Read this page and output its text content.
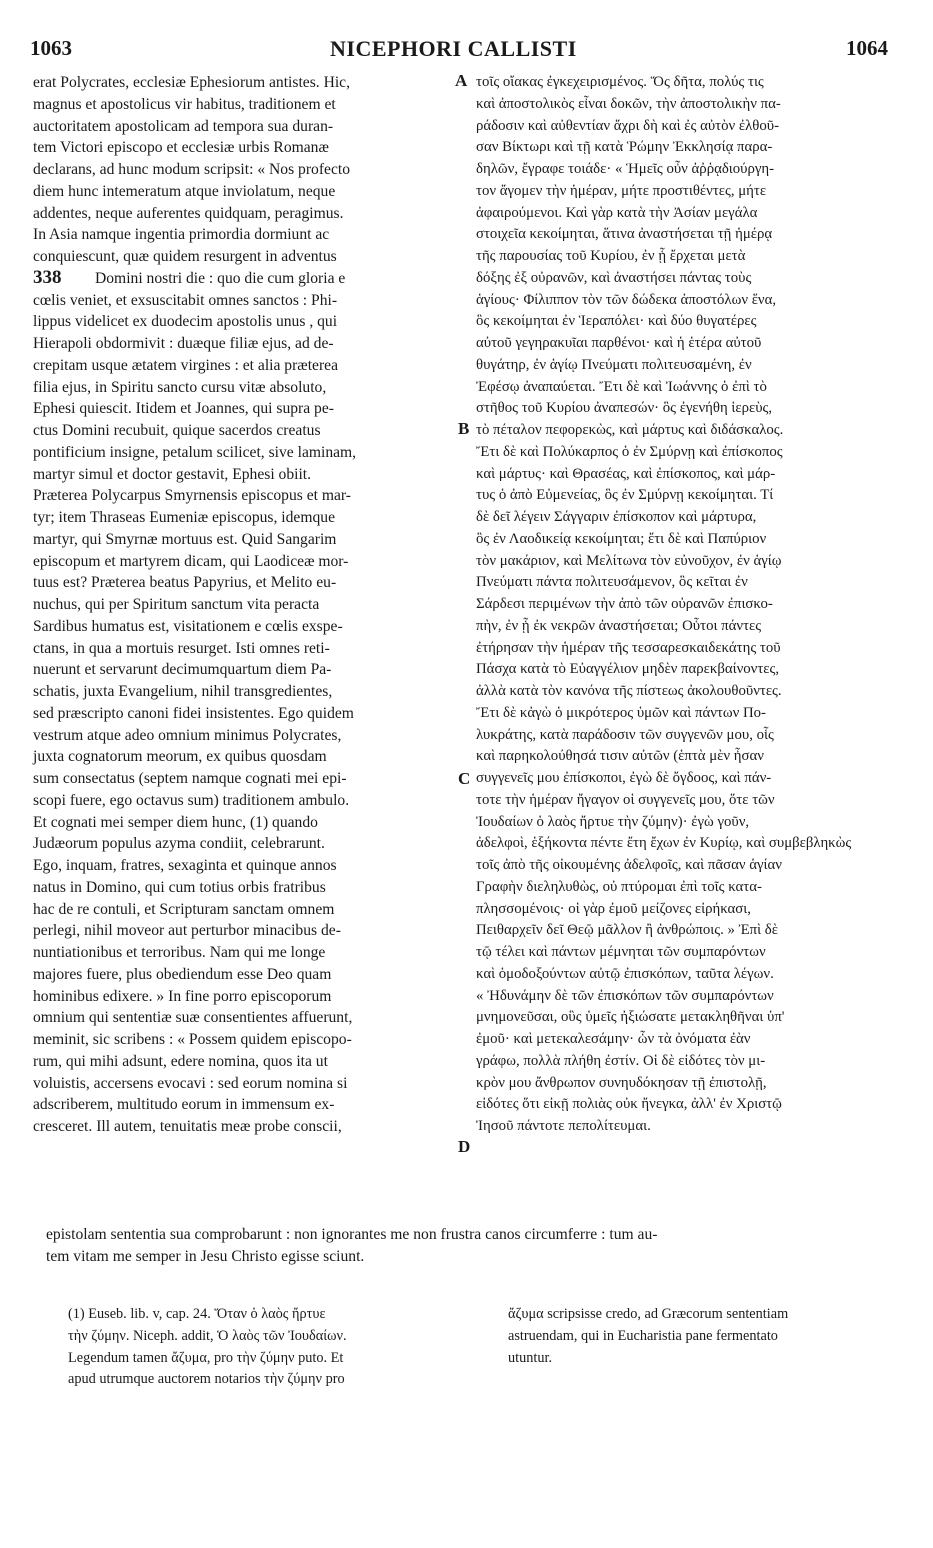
1063	NICEPHORI CALLISTI	1064
erat Polycrates, ecclesiæ Ephesiorum antistes. Hic,
magnus et apostolicus vir habitus, traditionem et
auctoritatem apostolicam ad tempora sua duran-
tem Victori episcopo et ecclesiæ urbis Romanæ
declarans, ad hunc modum scripsit: « Nos profecto
diem hunc intemeratum atque inviolatum, neque
addentes, neque auferentes quidquam, peragimus.
In Asia namque ingentia primordia dormiunt ac
conquiescunt, quæ quidem resurgent in adventus
338	Domini nostri die : quo die cum gloria e
cœlis veniet, et exsuscitabit omnes sanctos : Phi-
lippus videlicet ex duodecim apostolis unus , qui
Hierapoli obdormivit : duæque filiæ ejus, ad de-
crepitam usque ætatem virgines : et alia præterea
filia ejus, in Spiritu sancto cursu vitæ absoluto,
Ephesi quiescit. Itidem et Joannes, qui supra pe-
ctus Domini recubuit, quique sacerdos creatus
pontificium insigne, petalum scilicet, sive laminam,
martyr simul et doctor gestavit, Ephesi obiit.
Præterea Polycarpus Smyrnensis episcopus et mar-
tyr; item Thraseas Eumeniæ episcopus, idemque
martyr, qui Smyrnæ mortuus est. Quid Sangarim
episcopum et martyrem dicam, qui Laodiceæ mor-
tuus est? Præterea beatus Papyrius, et Melito eu-
nuchus, qui per Spiritum sanctum vita peracta
Sardibus humatus est, visitationem e cœlis exspe-
ctans, in qua a mortuis resurget. Isti omnes reti-
nuerunt et servarunt decimumquartum diem Pa-
schatis, juxta Evangelium, nihil transgredientes,
sed præscripto canoni fidei insistentes. Ego quidem
vestrum atque adeo omnium minimus Polycrates,
juxta cognatorum meorum, ex quibus quosdam
sum consectatus (septem namque cognati mei epi-
scopi fuere, ego octavus sum) traditionem ambulo.
Et cognati mei semper diem hunc, (1) quando
Judæorum populus azyma condiit, celebrarunt.
Ego, inquam, fratres, sexaginta et quinque annos
natus in Domino, qui cum totius orbis fratribus
hac de re contuli, et Scripturam sanctam omnem
perlegi, nihil moveor aut perturbor minacibus de-
nuntiationibus et terroribus. Nam qui me longe
majores fuere, plus obediendum esse Deo quam
hominibus edixere. » In fine porro episcoporum
omnium qui sententiæ suæ consentientes affuerunt,
meminit, sic scribens : « Possem quidem episcopo-
rum, qui mihi adsunt, edere nomina, quos ita ut
voluistis, accersens evocavi : sed eorum nomina si
adscriberem, multitudo eorum in immensum ex-
cresceret. Ill autem, tenuitatis meæ probe conscii,
τοῖς οἴακας ἐγκεχειρισμένος. Ὅς δῆτα, πολύς τις
καὶ ἀποστολικὸς εἶναι δοκῶν, τὴν ἀποστολικὴν πα-
ράδοσιν καὶ αὐθεντίαν ἄχρι δὴ καὶ ἐς αὐτὸν ἐλθοῦ-
σαν Βίκτωρι καὶ τῇ κατὰ Ῥώμην Ἐκκλησίᾳ παρα-
δηλῶν, ἔγραφε τοιάδε· « Ἡμεῖς οὖν ἀῤῥᾳδιούργη-
τον ἄγομεν τὴν ἡμέραν, μήτε προστιθέντες, μήτε
ἀφαιρούμενοι. Καὶ γὰρ κατὰ τὴν Ἀσίαν μεγάλα
στοιχεῖα κεκοίμηται, ἅτινα ἀναστήσεται τῇ ἡμέρᾳ
τῆς παρουσίας τοῦ Κυρίου, ἐν ᾗ ἔρχεται μετὰ
δόξης ἐξ οὐρανῶν, καὶ ἀναστήσει πάντας τοὺς
ἁγίους· Φίλιππον τὸν τῶν δώδεκα ἀποστόλων ἕνα,
ὃς κεκοίμηται ἐν Ἱεραπόλει· καὶ δύο θυγατέρες
αὐτοῦ γεγηρακυῖαι παρθένοι· καὶ ἡ ἑτέρα αὐτοῦ
θυγάτηρ, ἐν ἁγίῳ Πνεύματι πολιτευσαμένη, ἐν
Ἐφέσῳ ἀναπαύεται. Ἔτι δὲ καὶ Ἰωάννης ὁ ἐπὶ τὸ
στῆθος τοῦ Κυρίου ἀναπεσών· ὃς ἐγενήθη ἱερεὺς,
τὸ πέταλον πεφορεκὼς, καὶ μάρτυς καὶ διδάσκαλος.
Ἔτι δὲ καὶ Πολύκαρπος ὁ ἐν Σμύρνῃ καὶ ἐπίσκοπος
καὶ μάρτυς· καὶ Θρασέας, καὶ ἐπίσκοπος, καὶ μάρ-
τυς ὁ ἀπὸ Εὐμενείας, ὃς ἐν Σμύρνῃ κεκοίμηται. Τί
δὲ δεῖ λέγειν Σάγγαριν ἐπίσκοπον καὶ μάρτυρα,
ὃς ἐν Λαοδικείᾳ κεκοίμηται; ἔτι δὲ καὶ Παπύριον
τὸν μακάριον, καὶ Μελίτωνα τὸν εὐνοῦχον, ἐν ἁγίῳ
Πνεύματι πάντα πολιτευσάμενον, ὃς κεῖται ἐν
Σάρδεσι περιμένων τὴν ἀπὸ τῶν οὐρανῶν ἐπισκο-
πὴν, ἐν ᾗ ἐκ νεκρῶν ἀναστήσεται; Οὗτοι πάντες
ἐτήρησαν τὴν ἡμέραν τῆς τεσσαρεσκαιδεκάτης τοῦ
Πάσχα κατὰ τὸ Εὐαγγέλιον μηδὲν παρεκβαίνοντες,
ἀλλὰ κατὰ τὸν κανόνα τῆς πίστεως ἀκολουθοῦντες.
Ἔτι δὲ κἀγὼ ὁ μικρότερος ὑμῶν καὶ πάντων Πο-
λυκράτης, κατὰ παράδοσιν τῶν συγγενῶν μου, οἷς
καὶ παρηκολούθησά τισιν αὐτῶν (ἑπτὰ μὲν ἦσαν
συγγενεῖς μου ἐπίσκοποι, ἐγὼ δὲ ὄγδοος, καὶ πάν-
τοτε τὴν ἡμέραν ἤγαγον οἱ συγγενεῖς μου, ὅτε τῶν
Ἰουδαίων ὁ λαὸς ἤρτυε τὴν ζύμην)· ἐγὼ γοῦν,
ἀδελφοὶ, ἑξήκοντα πέντε ἔτη ἔχων ἐν Κυρίῳ, καὶ συμβεβληκὼς
τοῖς ἀπὸ τῆς οἰκουμένης ἀδελφοῖς, καὶ πᾶσαν ἁγίαν
Γραφὴν διεληλυθὼς, οὐ πτύρομαι ἐπὶ τοῖς κατα-
πλησσομένοις· οἱ γὰρ ἐμοῦ μείζονες εἰρήκασι,
Πειθαρχεῖν δεῖ Θεῷ μᾶλλον ἢ ἀνθρώποις. » Ἐπὶ δὲ
τῷ τέλει καὶ πάντων μέμνηται τῶν συμπαρόντων
καὶ ὁμοδοξούντων αὐτῷ ἐπισκόπων, ταῦτα λέγων.
« Ἠδυνάμην δὲ τῶν ἐπισκόπων τῶν συμπαρόντων
μνημονεῦσαι, οὓς ὑμεῖς ἠξιώσατε μετακληθῆναι ὑπ'
ἐμοῦ· καὶ μετεκαλεσάμην· ὧν τὰ ὀνόματα ἐὰν
γράφω, πολλὰ πλήθη ἐστίν. Οἱ δὲ εἰδότες τὸν μι-
κρὸν μου ἄνθρωπον συνηυδόκησαν τῇ ἐπιστολῇ,
εἰδότες ὅτι εἰκῇ πολιὰς οὐκ ἤνεγκα, ἀλλ' ἐν Χριστῷ
Ἰησοῦ πάντοτε πεπολίτευμαι.
A
B
C
D
epistolam sententia sua comprobarunt : non ignorantes me non frustra canos circumferre : tum au-
tem vitam me semper in Jesu Christo egisse sciunt.
(1) Euseb. lib. v, cap. 24. Ὅταν ὁ λαὸς ἤρτυε
τὴν ζύμην. Niceph. addit, Ὁ λαὸς τῶν Ἰουδαίων.
Legendum tamen ἄζυμα, pro τὴν ζύμην puto. Et
apud utrumque auctorem notarios τὴν ζύμην pro
ἄζυμα scripsisse credo, ad Græcorum sententiam
astruendam, qui in Eucharistia pane fermentato
utuntur.
